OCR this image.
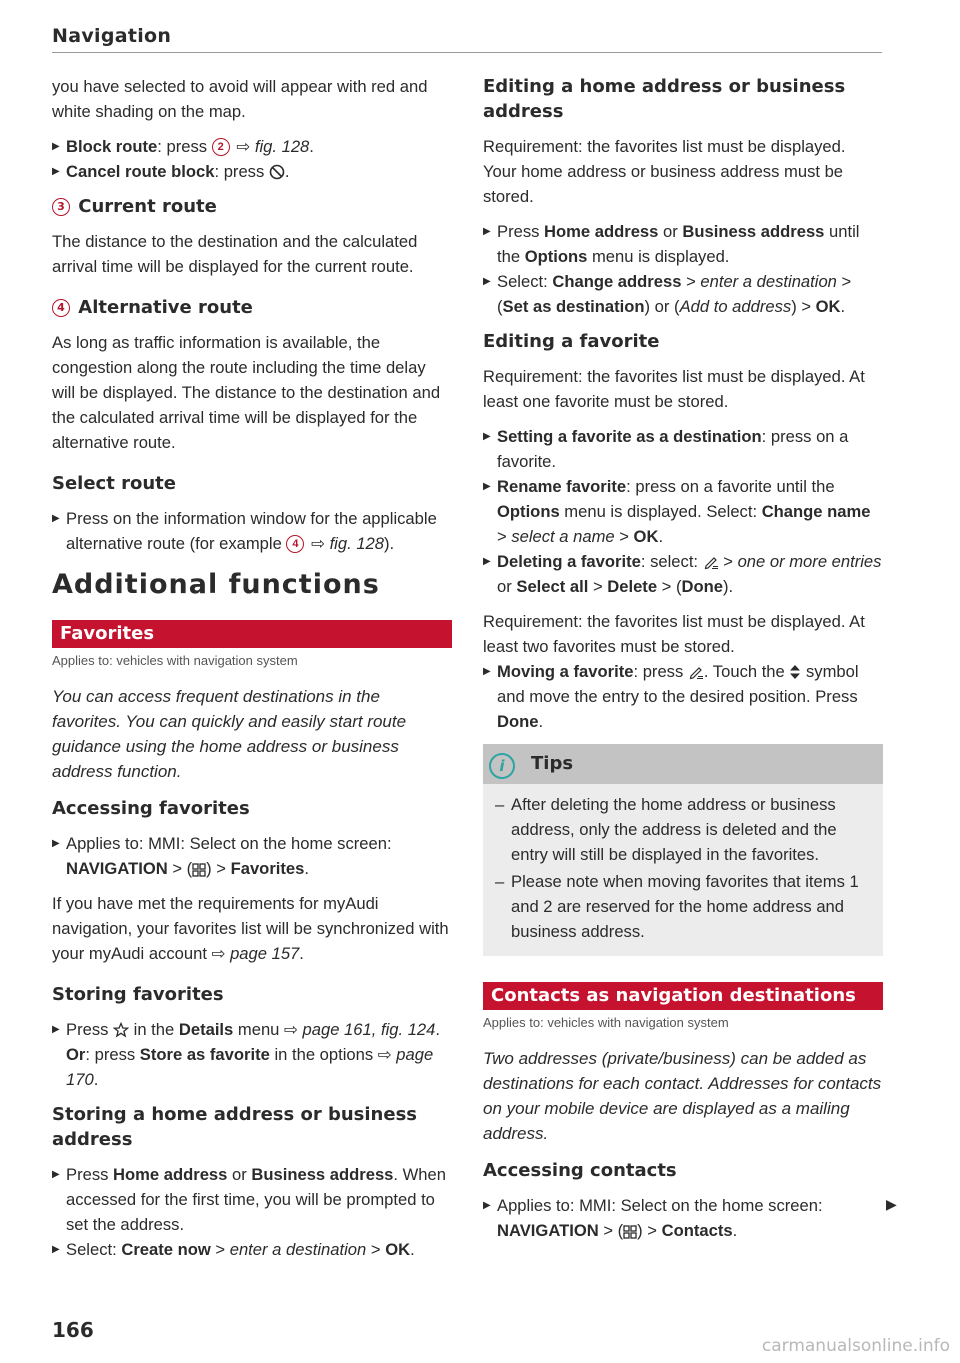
Navigation

you have selected to avoid will appear with red and white shading on the map.

▶ Block route: press 2 ⇨ fig. 128.
▶ Cancel route block: press .
3 Current route

The distance to the destination and the calculated arrival time will be displayed for the current route.

4 Alternative route

As long as traffic information is available, the congestion along the route including the time delay will be displayed. The distance to the destination and the calculated arrival time will be displayed for the alternative route.

Select route
▶ Press on the information window for the applicable alternative route (for example 4 ⇨ fig. 128).
Additional functions
Favorites
Applies to: vehicles with navigation system

You can access frequent destinations in the favorites. You can quickly and easily start route guidance using the home address or business address function.

Accessing favorites
▶ Applies to: MMI: Select on the home screen: NAVIGATION > ( ) > Favorites.

If you have met the requirements for myAudi navigation, your favorites list will be synchronized with your myAudi account ⇨ page 157.

Storing favorites
▶ Press  in the Details menu ⇨ page 161, fig. 124. Or: press Store as favorite in the options ⇨ page 170.
Storing a home address or business address
▶ Press Home address or Business address. When accessed for the first time, you will be prompted to set the address.
▶ Select: Create now > enter a destination > OK.
Editing a home address or business address

Requirement: the favorites list must be displayed. Your home address or business address must be stored.

▶ Press Home address or Business address until the Options menu is displayed.
▶ Select: Change address > enter a destination > (Set as destination) or (Add to address) > OK.
Editing a favorite

Requirement: the favorites list must be displayed. At least one favorite must be stored.

▶ Setting a favorite as a destination: press on a favorite.
▶ Rename favorite: press on a favorite until the Options menu is displayed. Select: Change name > select a name > OK.
▶ Deleting a favorite: select:  > one or more entries or Select all > Delete > (Done).

Requirement: the favorites list must be displayed. At least two favorites must be stored.

▶ Moving a favorite: press . Touch the  symbol and move the entry to the desired position. Press Done.
i Tips
– After deleting the home address or business address, only the address is deleted and the entry will still be displayed in the favorites.
– Please note when moving favorites that items 1 and 2 are reserved for the home address and business address.
Contacts as navigation destinations
Applies to: vehicles with navigation system

Two addresses (private/business) can be added as destinations for each contact. Addresses for contacts on your mobile device are displayed as a mailing address.

Accessing contacts
▶ Applies to: MMI: Select on the home screen: NAVIGATION > ( ) > Contacts.
▶
166
carmanualsonline.info
